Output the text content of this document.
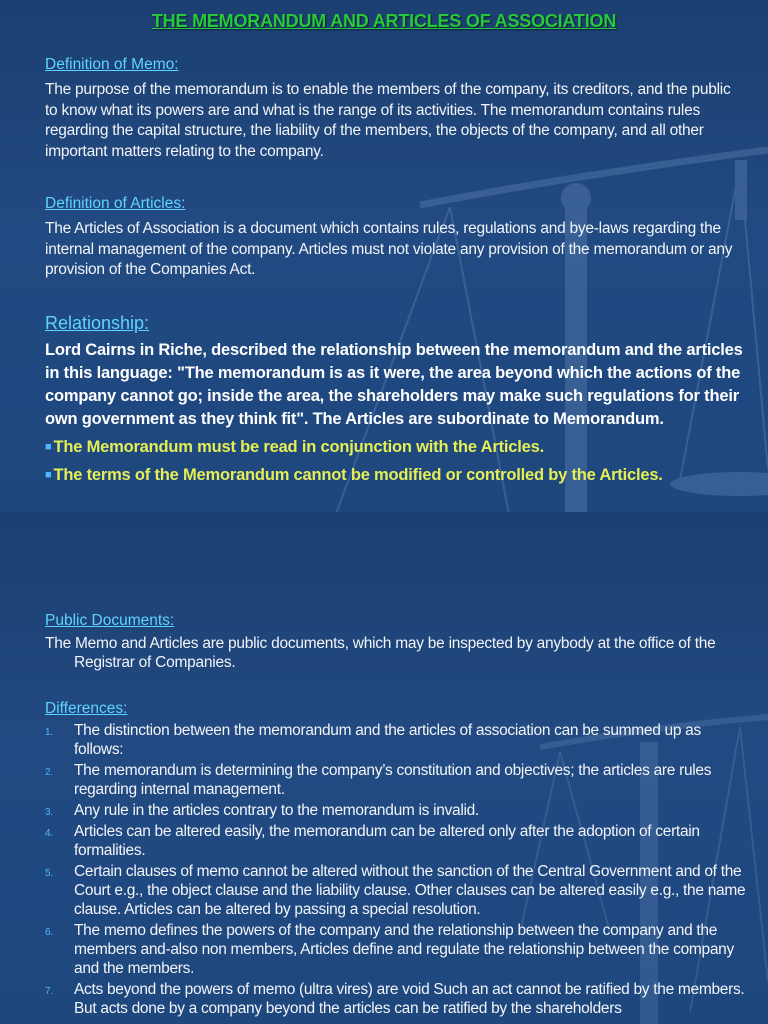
THE MEMORANDUM AND ARTICLES OF ASSOCIATION
Definition of Memo:
The purpose of the memorandum is to enable the members of the company, its creditors, and the public to know what its powers are and what is the range of its activities. The memorandum contains rules regarding the capital structure, the liability of the members, the objects of the company, and all other important matters relating to the company.
Definition of Articles:
The Articles of Association is a document which contains rules, regulations and bye-laws regarding the internal management of the company. Articles must not violate any provision of the memorandum or any provision of the Companies Act.
Relationship:
Lord Cairns in Riche, described the relationship between the memorandum and the articles in this language: "The memorandum is as it were, the area beyond which the actions of the company cannot go; inside the area, the shareholders may make such regulations for their own government as they think fit". The Articles are subordinate to Memorandum.
■ The Memorandum must be read in conjunction with the Articles.
■ The terms of the Memorandum cannot be modified or controlled by the Articles.
Public Documents:
The Memo and Articles are public documents, which may be inspected by anybody at the office of the Registrar of Companies.
Differences:
1. The distinction between the memorandum and the articles of association can be summed up as follows:
2. The memorandum is determining the company’s constitution and objectives; the articles are rules regarding internal management.
3. Any rule in the articles contrary to the memorandum is invalid.
4. Articles can be altered easily, the memorandum can be altered only after the adoption of certain formalities.
5. Certain clauses of memo cannot be altered without the sanction of the Central Government and of the Court e.g., the object clause and the liability clause. Other clauses can be altered easily e.g., the name clause. Articles can be altered by passing a special resolution.
6. The memo defines the powers of the company and the relationship between the company and the members and-also non members, Articles define and regulate the relationship between the company and the members.
7. Acts beyond the powers of memo (ultra vires) are void Such an act cannot be ratified by the members. But acts done by a company beyond the articles can be ratified by the shareholders
